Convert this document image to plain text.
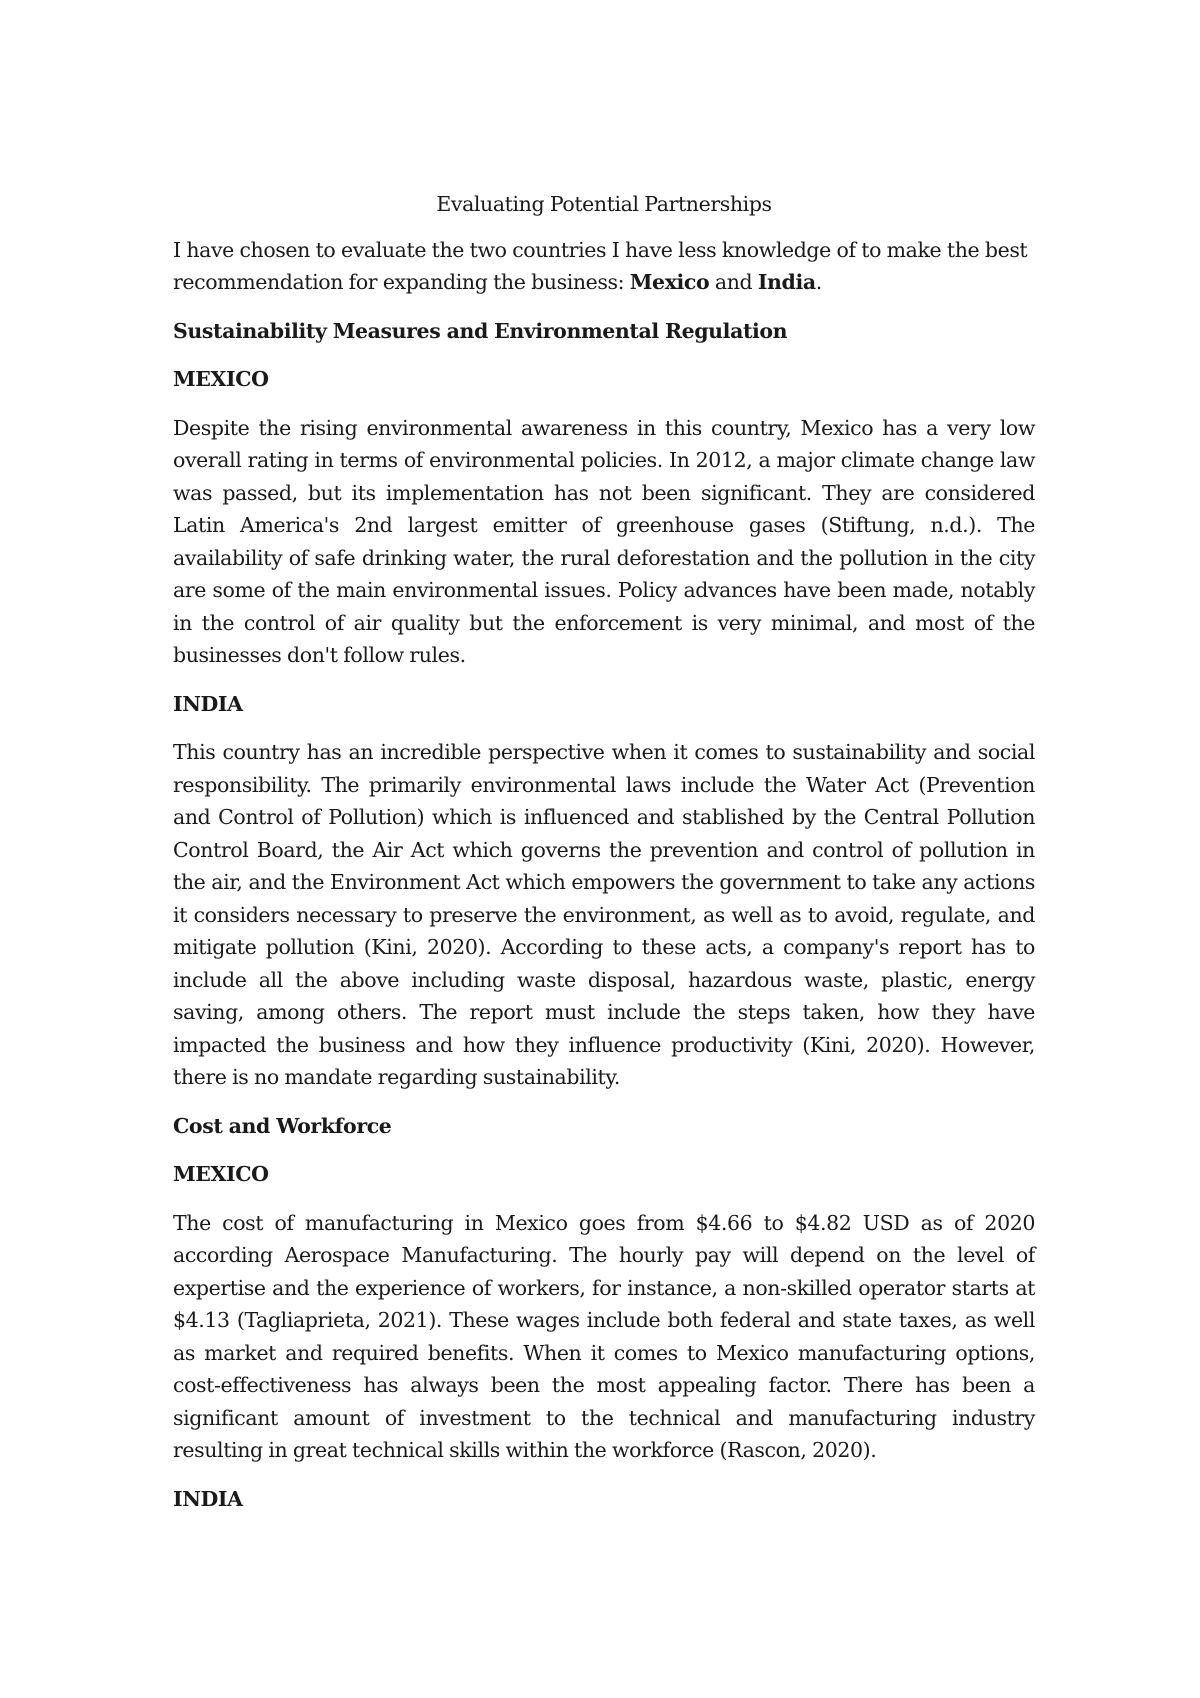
Evaluating Potential Partnerships
I have chosen to evaluate the two countries I have less knowledge of to make the best recommendation for expanding the business: Mexico and India.
Sustainability Measures and Environmental Regulation
MEXICO
Despite the rising environmental awareness in this country, Mexico has a very low overall rating in terms of environmental policies. In 2012, a major climate change law was passed, but its implementation has not been significant. They are considered Latin America's 2nd largest emitter of greenhouse gases (Stiftung, n.d.). The availability of safe drinking water, the rural deforestation and the pollution in the city are some of the main environmental issues. Policy advances have been made, notably in the control of air quality but the enforcement is very minimal, and most of the businesses don't follow rules.
INDIA
This country has an incredible perspective when it comes to sustainability and social responsibility. The primarily environmental laws include the Water Act (Prevention and Control of Pollution) which is influenced and stablished by the Central Pollution Control Board, the Air Act which governs the prevention and control of pollution in the air, and the Environment Act which empowers the government to take any actions it considers necessary to preserve the environment, as well as to avoid, regulate, and mitigate pollution (Kini, 2020). According to these acts, a company's report has to include all the above including waste disposal, hazardous waste, plastic, energy saving, among others. The report must include the steps taken, how they have impacted the business and how they influence productivity (Kini, 2020). However, there is no mandate regarding sustainability.
Cost and Workforce
MEXICO
The cost of manufacturing in Mexico goes from $4.66 to $4.82 USD as of 2020 according Aerospace Manufacturing. The hourly pay will depend on the level of expertise and the experience of workers, for instance, a non-skilled operator starts at $4.13 (Tagliaprieta, 2021). These wages include both federal and state taxes, as well as market and required benefits. When it comes to Mexico manufacturing options, cost-effectiveness has always been the most appealing factor. There has been a significant amount of investment to the technical and manufacturing industry resulting in great technical skills within the workforce (Rascon, 2020).
INDIA
